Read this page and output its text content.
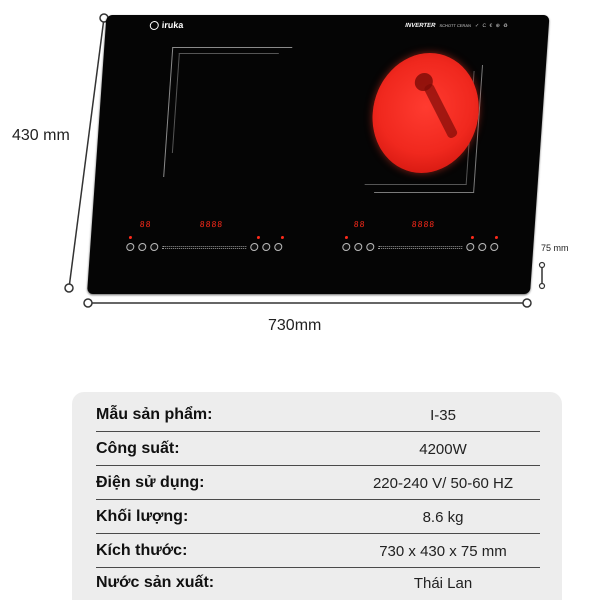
430 mm
730mm
75 mm
iruka	INVERTER SCHOTT CERAN ✓ C € ⊕ ♻
88	8888	88	8888
Mẫu sản phẩm:	I-35
Công suất:	4200W
Điện sử dụng:	220-240 V/ 50-60 HZ
Khối lượng:	8.6 kg
Kích thước:	730 x 430 x 75 mm
Nước sản xuất:	Thái Lan
